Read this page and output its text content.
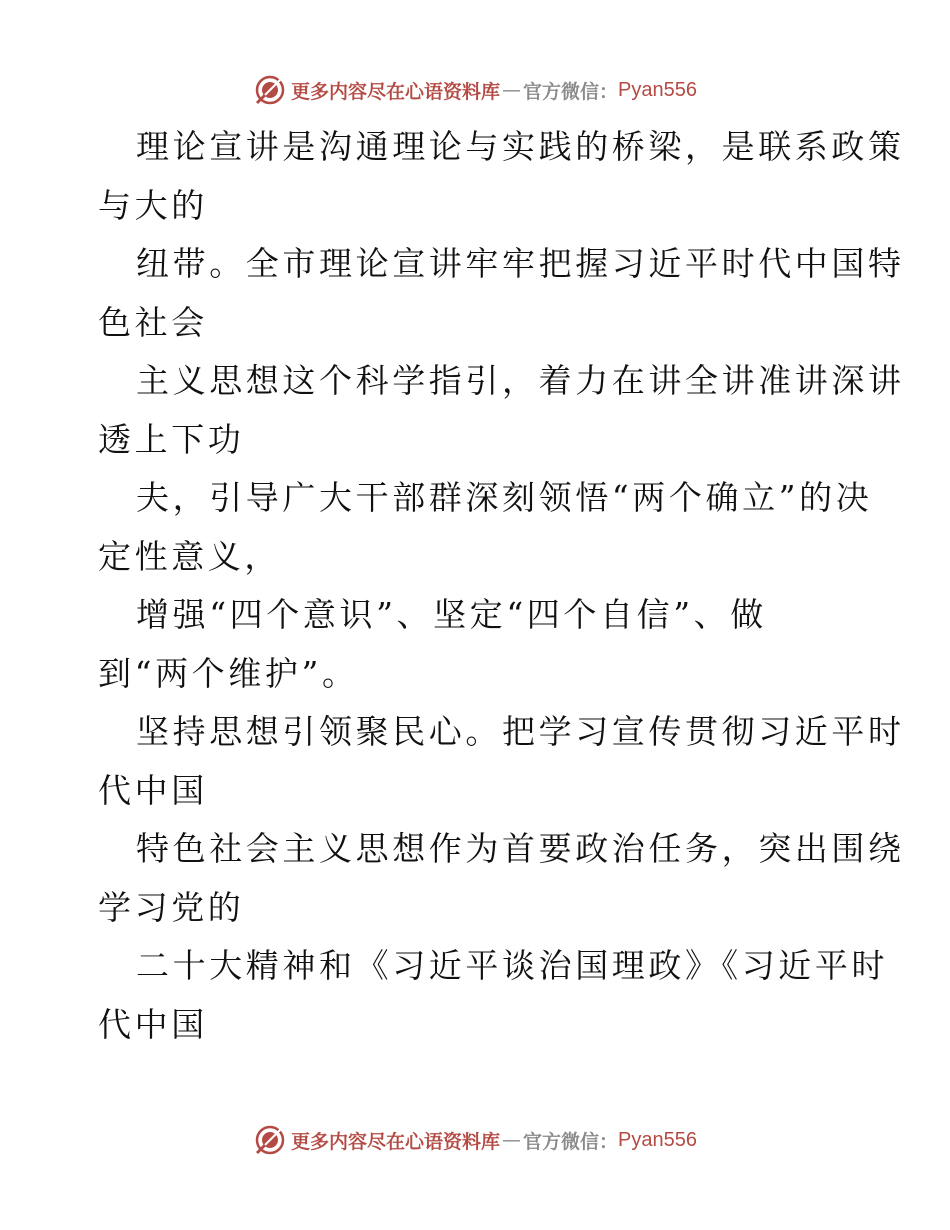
更多内容尽在心语资料库 — 官方微信： Pyan556
理论宣讲是沟通理论与实践的桥梁，是联系政策
与大的
纽带。全市理论宣讲牢牢把握习近平时代中国特
色社会
主义思想这个科学指引，着力在讲全讲准讲深讲
透上下功
夫，引导广大干部群深刻领悟“两个确立”的决
定性意义，
增强“四个意识”、坚定“四个自信”、做
到“两个维护”。
坚持思想引领聚民心。把学习宣传贯彻习近平时
代中国
特色社会主义思想作为首要政治任务，突出围绕
学习党的
二十大精神和《习近平谈治国理政》《习近平时
代中国
更多内容尽在心语资料库 — 官方微信： Pyan556
